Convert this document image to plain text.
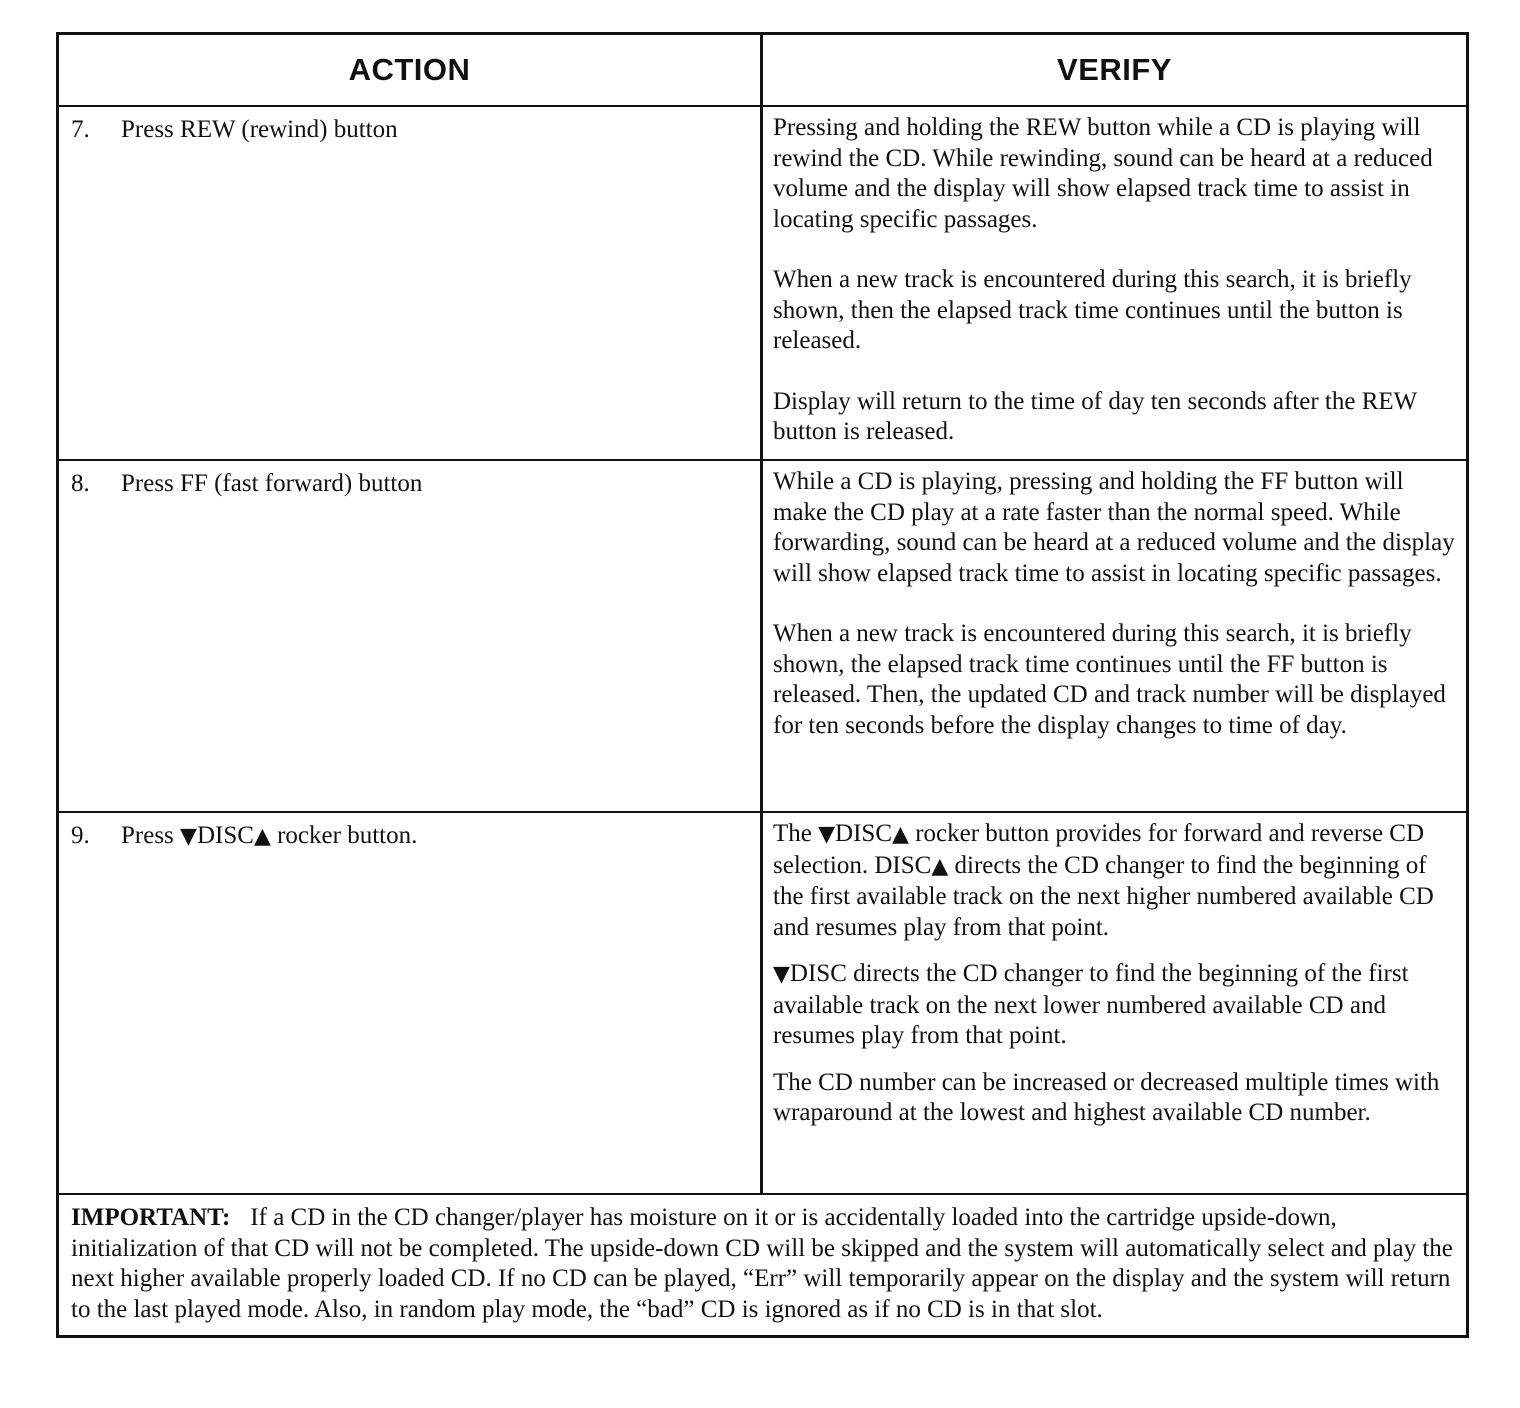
ACTION	VERIFY
7.	Press REW (rewind) button	Pressing and holding the REW button while a CD is playing will rewind the CD. While rewinding, sound can be heard at a reduced volume and the display will show elapsed track time to assist in locating specific passages.

When a new track is encountered during this search, it is briefly shown, then the elapsed track time continues until the button is released.

Display will return to the time of day ten seconds after the REW button is released.

8.	Press FF (fast forward) button	While a CD is playing, pressing and holding the FF button will make the CD play at a rate faster than the normal speed. While forwarding, sound can be heard at a reduced volume and the display will show elapsed track time to assist in locating specific passages.

When a new track is encountered during this search, it is briefly shown, the elapsed track time continues until the FF button is released. Then, the updated CD and track number will be displayed for ten seconds before the display changes to time of day.

9.	Press ▼DISC▲ rocker button.	The ▼DISC▲ rocker button provides for forward and reverse CD selection. DISC▲ directs the CD changer to find the beginning of the first available track on the next higher numbered available CD and resumes play from that point.

▼DISC directs the CD changer to find the beginning of the first available track on the next lower numbered available CD and resumes play from that point.

The CD number can be increased or decreased multiple times with wraparound at the lowest and highest available CD number.

IMPORTANT: If a CD in the CD changer/player has moisture on it or is accidentally loaded into the cartridge upside-down, initialization of that CD will not be completed. The upside-down CD will be skipped and the system will automatically select and play the next higher available properly loaded CD. If no CD can be played, “Err” will temporarily appear on the display and the system will return to the last played mode. Also, in random play mode, the “bad” CD is ignored as if no CD is in that slot.
